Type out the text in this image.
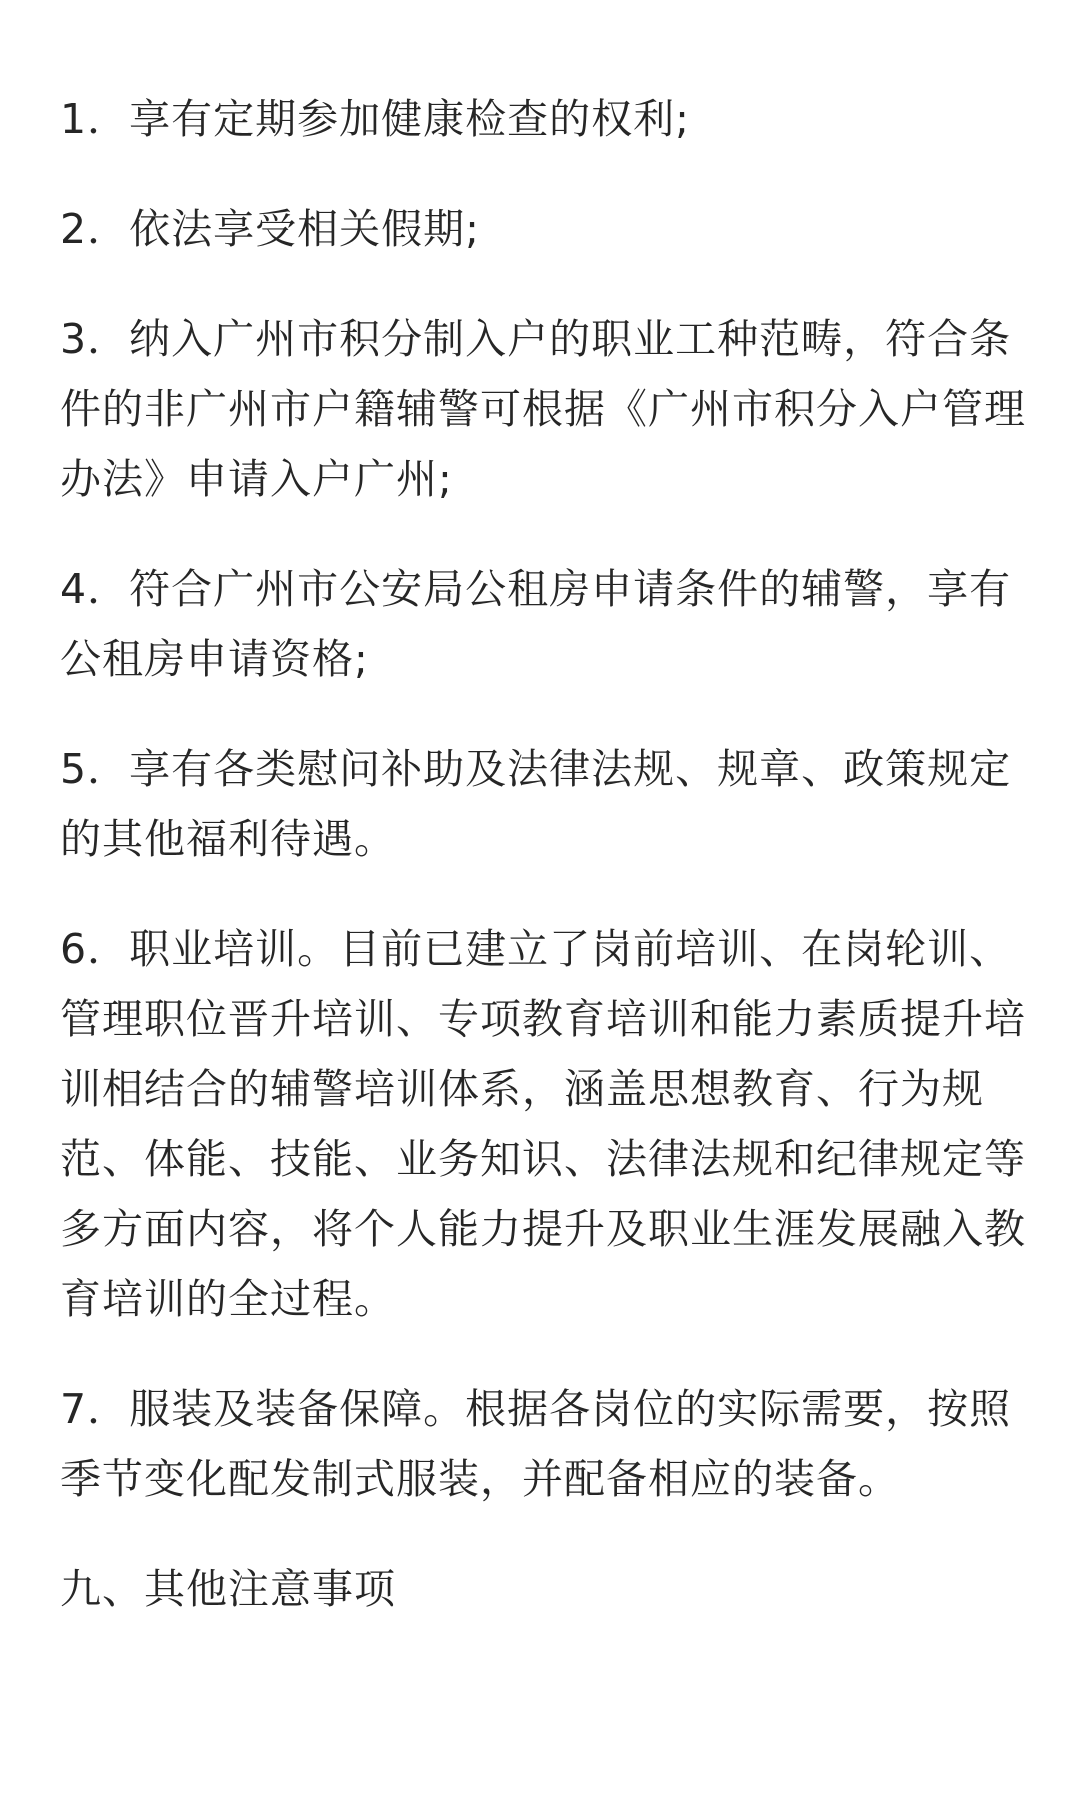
1．享有定期参加健康检查的权利;

2．依法享受相关假期;

3．纳入广州市积分制入户的职业工种范畴，符合条件的非广州市户籍辅警可根据《广州市积分入户管理办法》申请入户广州;

4．符合广州市公安局公租房申请条件的辅警，享有公租房申请资格;

5．享有各类慰问补助及法律法规、规章、政策规定的其他福利待遇。

6．职业培训。目前已建立了岗前培训、在岗轮训、管理职位晋升培训、专项教育培训和能力素质提升培训相结合的辅警培训体系，涵盖思想教育、行为规范、体能、技能、业务知识、法律法规和纪律规定等多方面内容，将个人能力提升及职业生涯发展融入教育培训的全过程。

7．服装及装备保障。根据各岗位的实际需要，按照季节变化配发制式服装，并配备相应的装备。

九、其他注意事项
